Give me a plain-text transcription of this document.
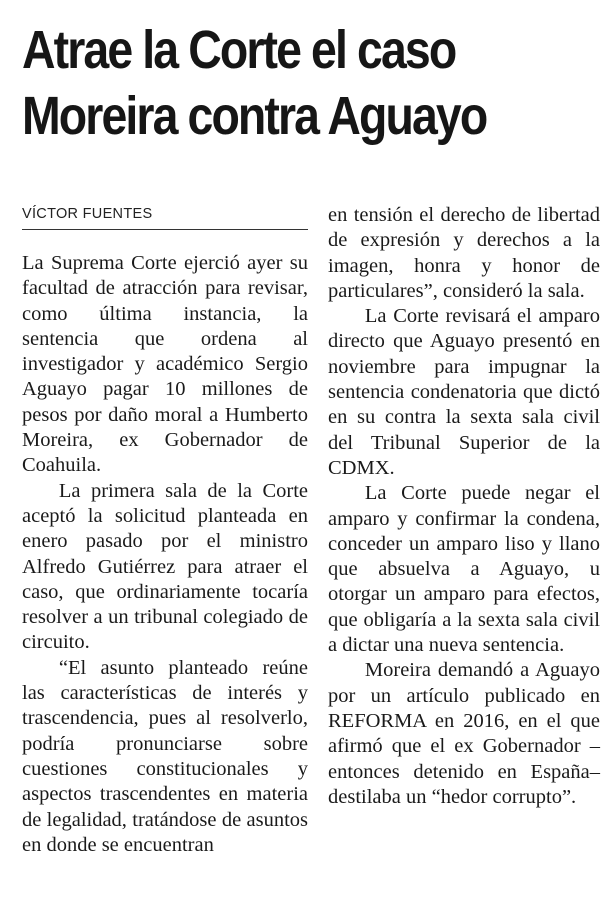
Atrae la Corte el caso
Moreira contra Aguayo
VÍCTOR FUENTES

La Suprema Corte ejerció ayer su facultad de atracción para revisar, como última instancia, la sentencia que ordena al investigador y académico Sergio Aguayo pagar 10 millones de pesos por daño moral a Humberto Moreira, ex Gobernador de Coahuila.

La primera sala de la Corte aceptó la solicitud planteada en enero pasado por el ministro Alfredo Gutiérrez para atraer el caso, que ordinariamente tocaría resolver a un tribunal colegiado de circuito.

“El asunto planteado reúne las características de interés y trascendencia, pues al resolverlo, podría pronunciarse sobre cuestiones constitucionales y aspectos trascendentes en materia de legalidad, tratándose de asuntos en donde se encuentran

en tensión el derecho de libertad de expresión y derechos a la imagen, honra y honor de particulares”, consideró la sala.

La Corte revisará el amparo directo que Aguayo presentó en noviembre para impugnar la sentencia condenatoria que dictó en su contra la sexta sala civil del Tribunal Superior de la CDMX.

La Corte puede negar el amparo y confirmar la condena, conceder un amparo liso y llano que absuelva a Aguayo, u otorgar un amparo para efectos, que obligaría a la sexta sala civil a dictar una nueva sentencia.

Moreira demandó a Aguayo por un artículo publicado en REFORMA en 2016, en el que afirmó que el ex Gobernador –entonces detenido en España– destilaba un “hedor corrupto”.
